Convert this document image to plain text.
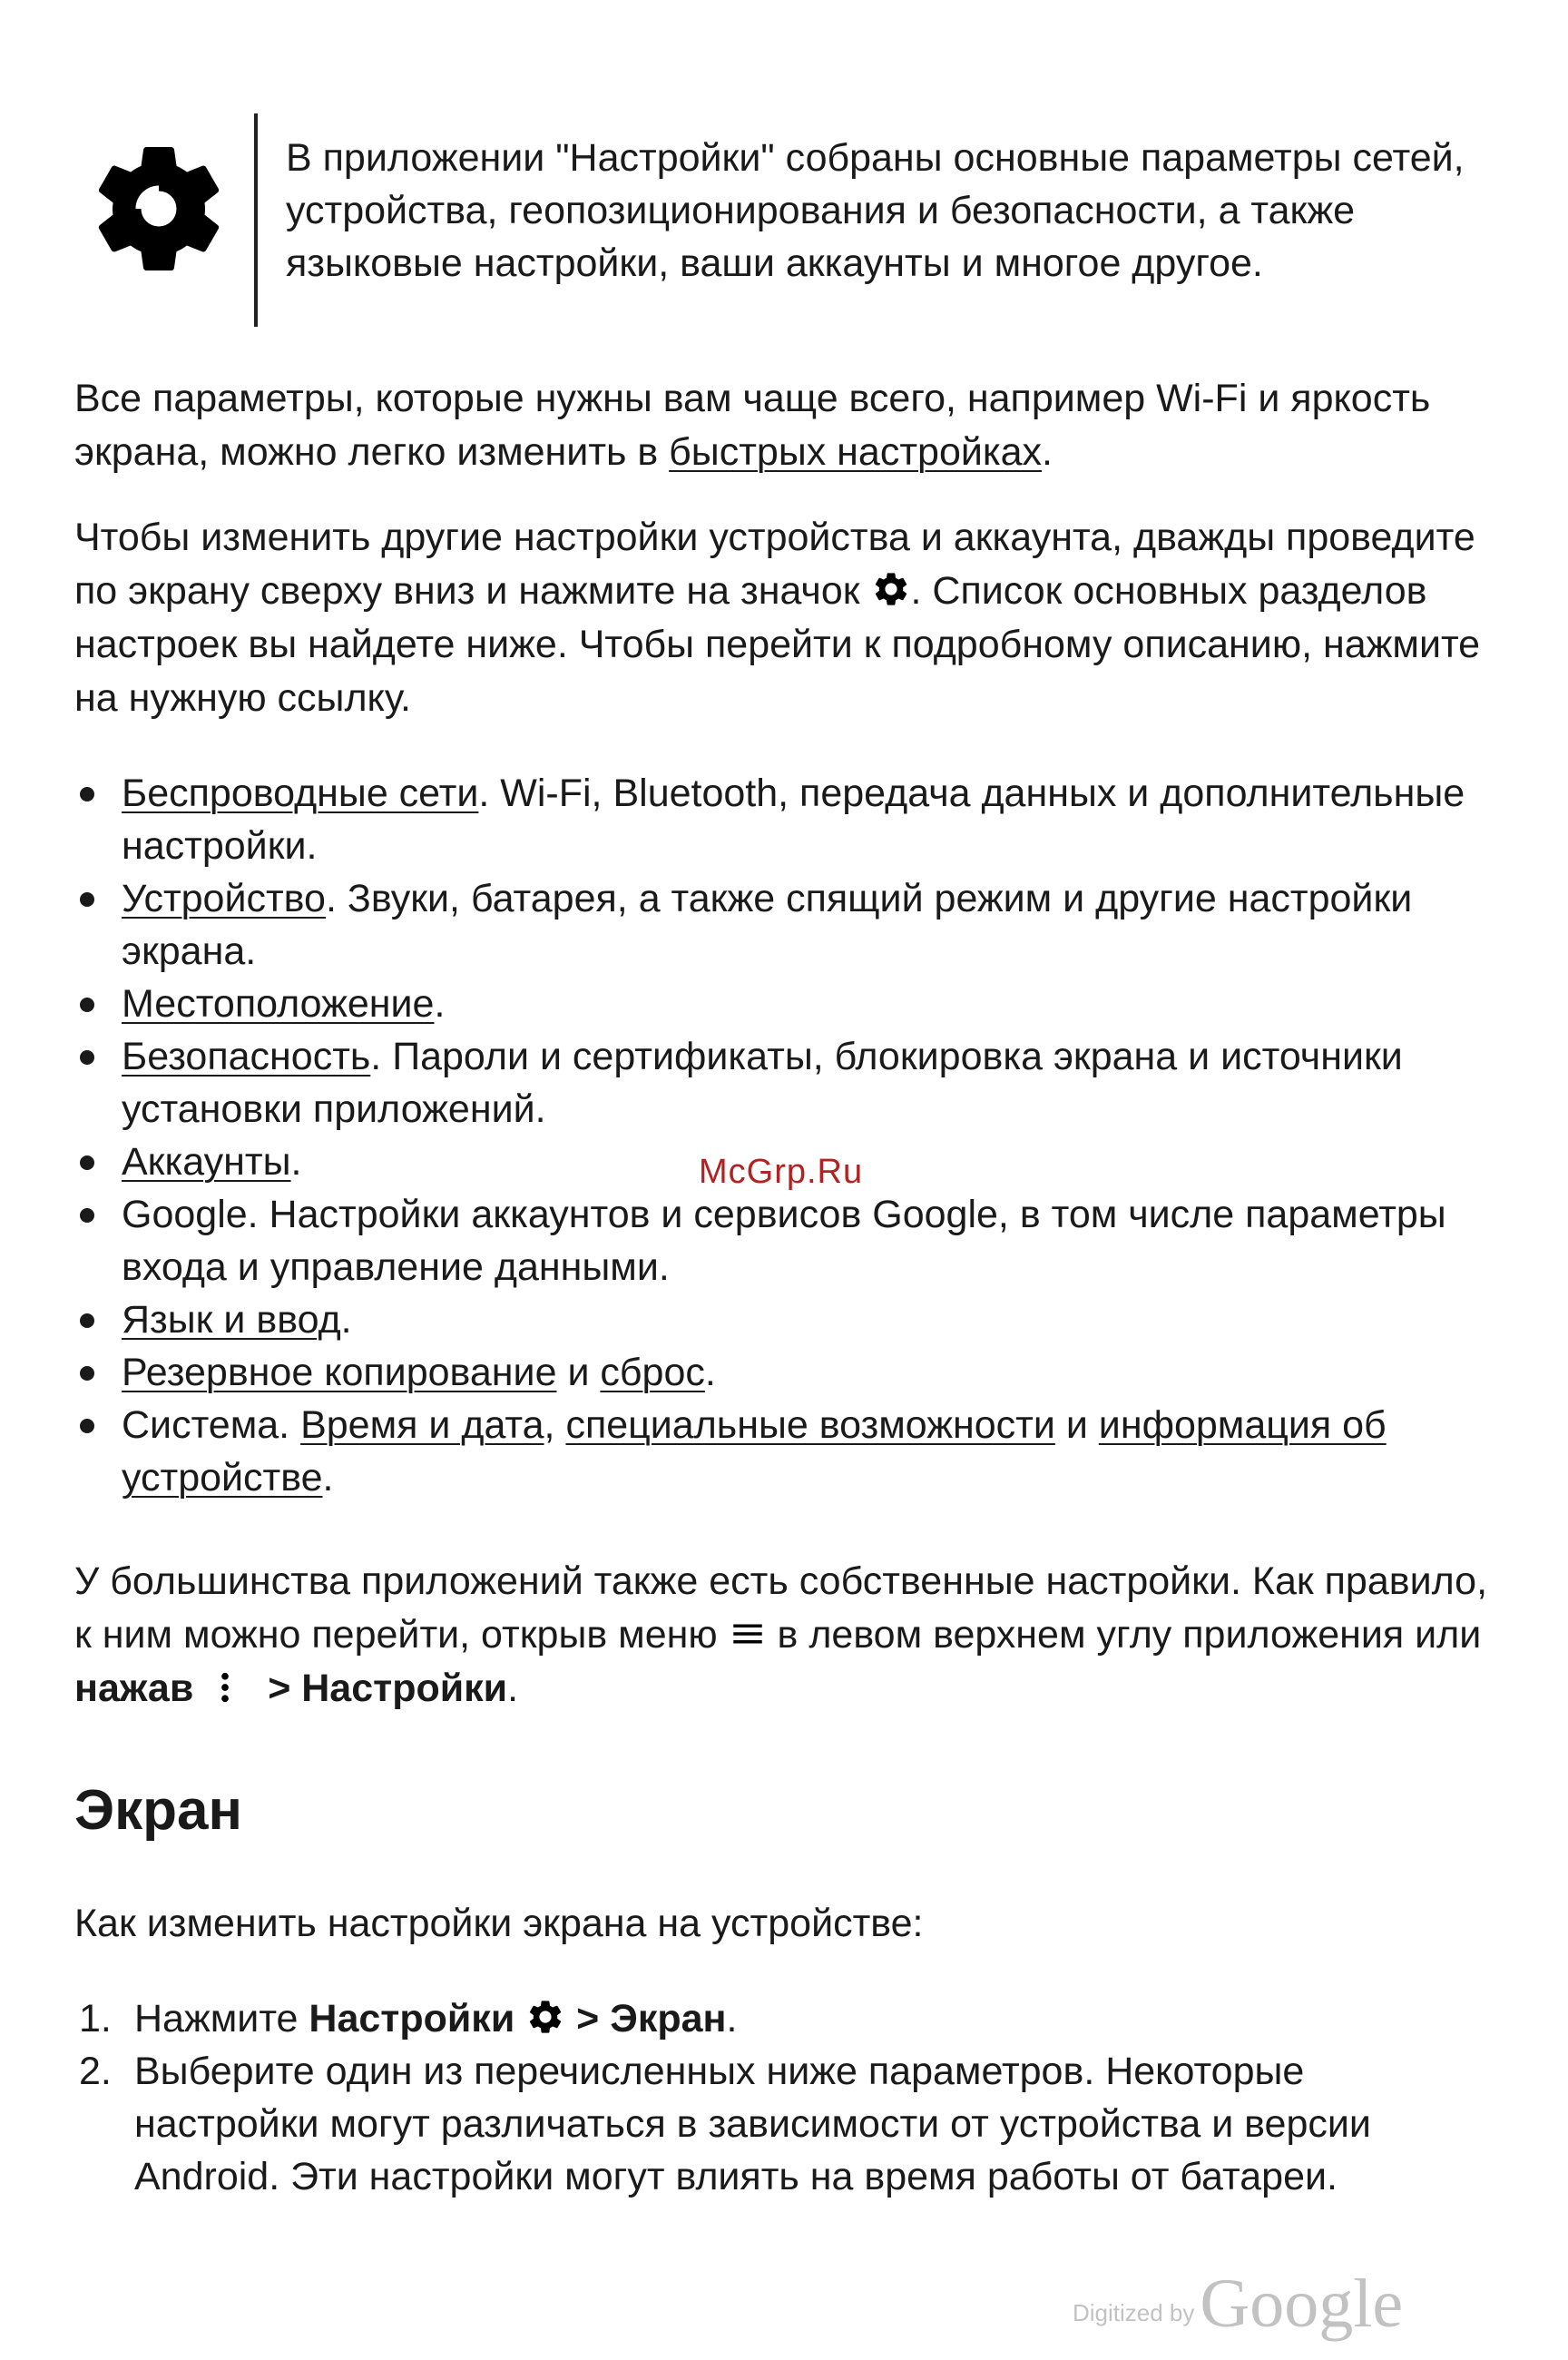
В приложении "Настройки" собраны основные параметры сетей, устройства, геопозиционирования и безопасности, а также языковые настройки, ваши аккаунты и многое другое.

Все параметры, которые нужны вам чаще всего, например Wi-Fi и яркость экрана, можно легко изменить в быстрых настройках.

Чтобы изменить другие настройки устройства и аккаунта, дважды проведите по экрану сверху вниз и нажмите на значок . Список основных разделов настроек вы найдете ниже. Чтобы перейти к подробному описанию, нажмите на нужную ссылку.

Беспроводные сети. Wi-Fi, Bluetooth, передача данных и дополнительные настройки.
Устройство. Звуки, батарея, а также спящий режим и другие настройки экрана.
Местоположение.
Безопасность. Пароли и сертификаты, блокировка экрана и источники установки приложений.
Аккаунты.
Google. Настройки аккаунтов и сервисов Google, в том числе параметры входа и управление данными.
Язык и ввод.
Резервное копирование и сброс.
Система. Время и дата, специальные возможности и информация об устройстве.

У большинства приложений также есть собственные настройки. Как правило, к ним можно перейти, открыв меню  в левом верхнем углу приложения или нажав > Настройки.

Экран

Как изменить настройки экрана на устройстве:

1. Нажмите Настройки  > Экран.
2. Выберите один из перечисленных ниже параметров. Некоторые настройки могут различаться в зависимости от устройства и версии Android. Эти настройки могут влиять на время работы от батареи.
McGrp.Ru
Digitized byGoogle
